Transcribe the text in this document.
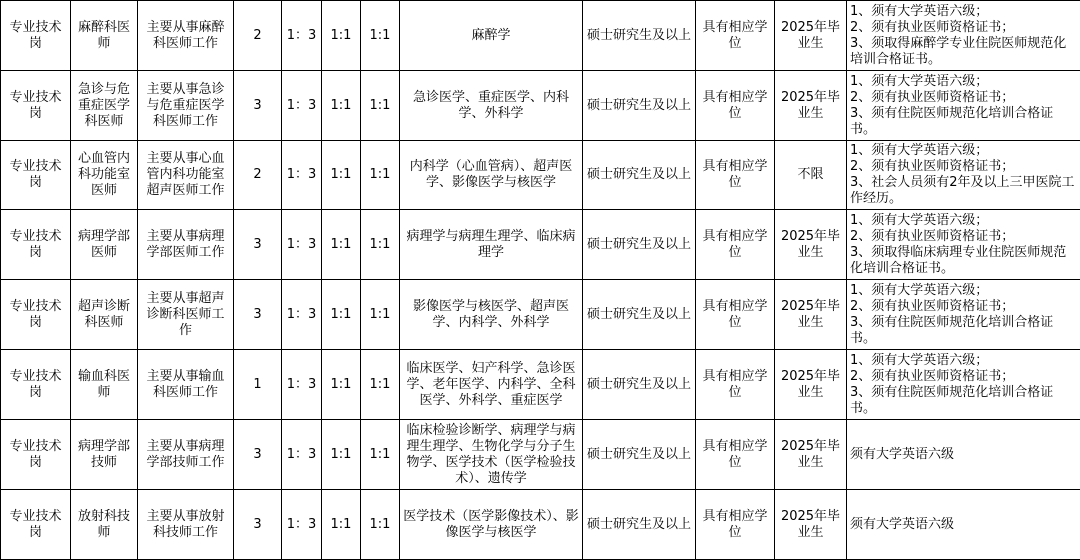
专业技术岗	麻醉科医师	主要从事麻醉科医师工作	2	1：3	1:1	1:1	麻醉学	硕士研究生及以上	具有相应学位	2025年毕业生	1、须有大学英语六级；
2、须有执业医师资格证书；
3、须取得麻醉学专业住院医师规范化培训合格证书。

专业技术岗	急诊与危重症医学科医师	主要从事急诊与危重症医学科医师工作	3	1：3	1:1	1:1	急诊医学、重症医学、内科学、外科学	硕士研究生及以上	具有相应学位	2025年毕业生	1、须有大学英语六级；
2、须有执业医师资格证书；
3、须有住院医师规范化培训合格证书。

专业技术岗	心血管内科功能室医师	主要从事心血管内科功能室超声医师工作	2	1：3	1:1	1:1	内科学（心血管病）、超声医学、影像医学与核医学	硕士研究生及以上	具有相应学位	不限	1、须有大学英语六级；
2、须有执业医师资格证书；
3、社会人员须有2年及以上三甲医院工作经历。

专业技术岗	病理学部医师	主要从事病理学部医师工作	3	1：3	1:1	1:1	病理学与病理生理学、临床病理学	硕士研究生及以上	具有相应学位	2025年毕业生	1、须有大学英语六级；
2、须有执业医师资格证书；
3、须取得临床病理专业住院医师规范化培训合格证书。

专业技术岗	超声诊断科医师	主要从事超声诊断科医师工作	3	1：3	1:1	1:1	影像医学与核医学、超声医学、内科学、外科学	硕士研究生及以上	具有相应学位	2025年毕业生	1、须有大学英语六级；
2、须有执业医师资格证书；
3、须有住院医师规范化培训合格证书。

专业技术岗	输血科医师	主要从事输血科医师工作	1	1：3	1:1	1:1	临床医学、妇产科学、急诊医学、老年医学、内科学、全科医学、外科学、重症医学	硕士研究生及以上	具有相应学位	2025年毕业生	1、须有大学英语六级；
2、须有执业医师资格证书；
3、须有住院医师规范化培训合格证书。

专业技术岗	病理学部技师	主要从事病理学部技师工作	3	1：3	1:1	1:1	临床检验诊断学、病理学与病理生理学、生物化学与分子生物学、医学技术（医学检验技术）、遗传学	硕士研究生及以上	具有相应学位	2025年毕业生	须有大学英语六级

专业技术岗	放射科技师	主要从事放射科技师工作	3	1：3	1:1	1:1	医学技术（医学影像技术）、影像医学与核医学	硕士研究生及以上	具有相应学位	2025年毕业生	须有大学英语六级
